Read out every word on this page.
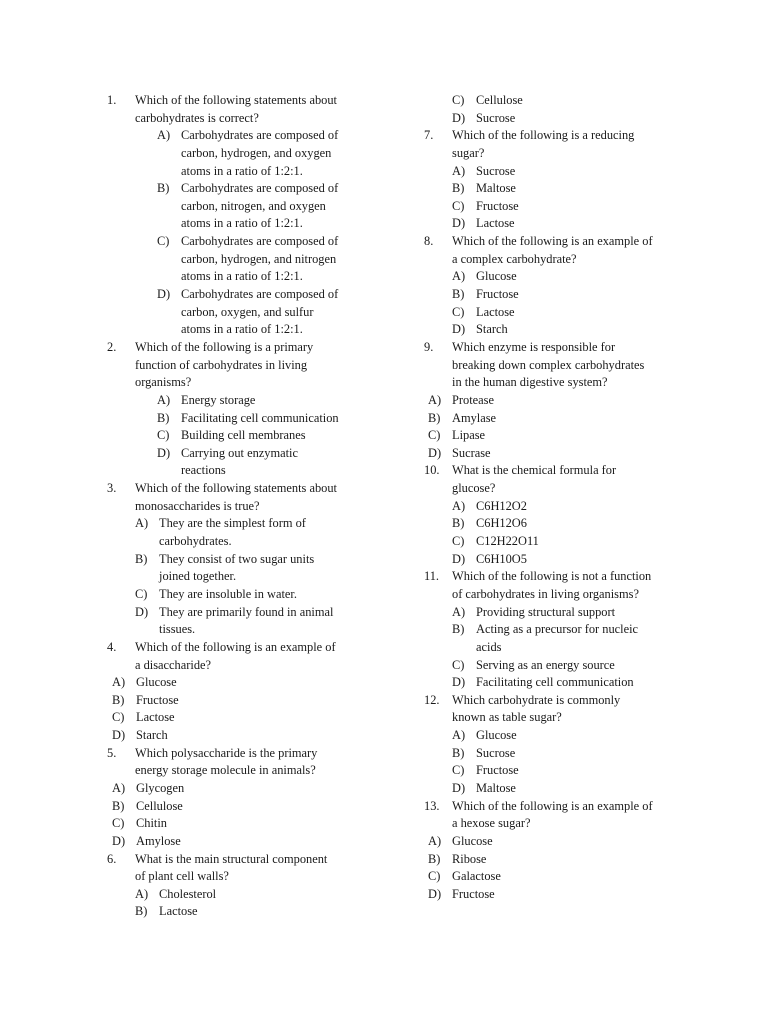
1. Which of the following statements about
carbohydrates is correct?
A) Carbohydrates are composed of
carbon, hydrogen, and oxygen
atoms in a ratio of 1:2:1.
B) Carbohydrates are composed of
carbon, nitrogen, and oxygen
atoms in a ratio of 1:2:1.
C) Carbohydrates are composed of
carbon, hydrogen, and nitrogen
atoms in a ratio of 1:2:1.
D) Carbohydrates are composed of
carbon, oxygen, and sulfur
atoms in a ratio of 1:2:1.
2. Which of the following is a primary
function of carbohydrates in living
organisms?
A) Energy storage
B) Facilitating cell communication
C) Building cell membranes
D) Carrying out enzymatic
reactions
3. Which of the following statements about
monosaccharides is true?
A) They are the simplest form of
carbohydrates.
B) They consist of two sugar units
joined together.
C) They are insoluble in water.
D) They are primarily found in animal
tissues.
4. Which of the following is an example of
a disaccharide?
A) Glucose
B) Fructose
C) Lactose
D) Starch
5. Which polysaccharide is the primary
energy storage molecule in animals?
A) Glycogen
B) Cellulose
C) Chitin
D) Amylose
6. What is the main structural component
of plant cell walls?
A) Cholesterol
B) Lactose
C) Cellulose
D) Sucrose
7. Which of the following is a reducing
sugar?
A) Sucrose
B) Maltose
C) Fructose
D) Lactose
8. Which of the following is an example of
a complex carbohydrate?
A) Glucose
B) Fructose
C) Lactose
D) Starch
9. Which enzyme is responsible for
breaking down complex carbohydrates
in the human digestive system?
A) Protease
B) Amylase
C) Lipase
D) Sucrase
10. What is the chemical formula for
glucose?
A) C6H12O2
B) C6H12O6
C) C12H22O11
D) C6H10O5
11. Which of the following is not a function
of carbohydrates in living organisms?
A) Providing structural support
B) Acting as a precursor for nucleic
acids
C) Serving as an energy source
D) Facilitating cell communication
12. Which carbohydrate is commonly
known as table sugar?
A) Glucose
B) Sucrose
C) Fructose
D) Maltose
13. Which of the following is an example of
a hexose sugar?
A) Glucose
B) Ribose
C) Galactose
D) Fructose
